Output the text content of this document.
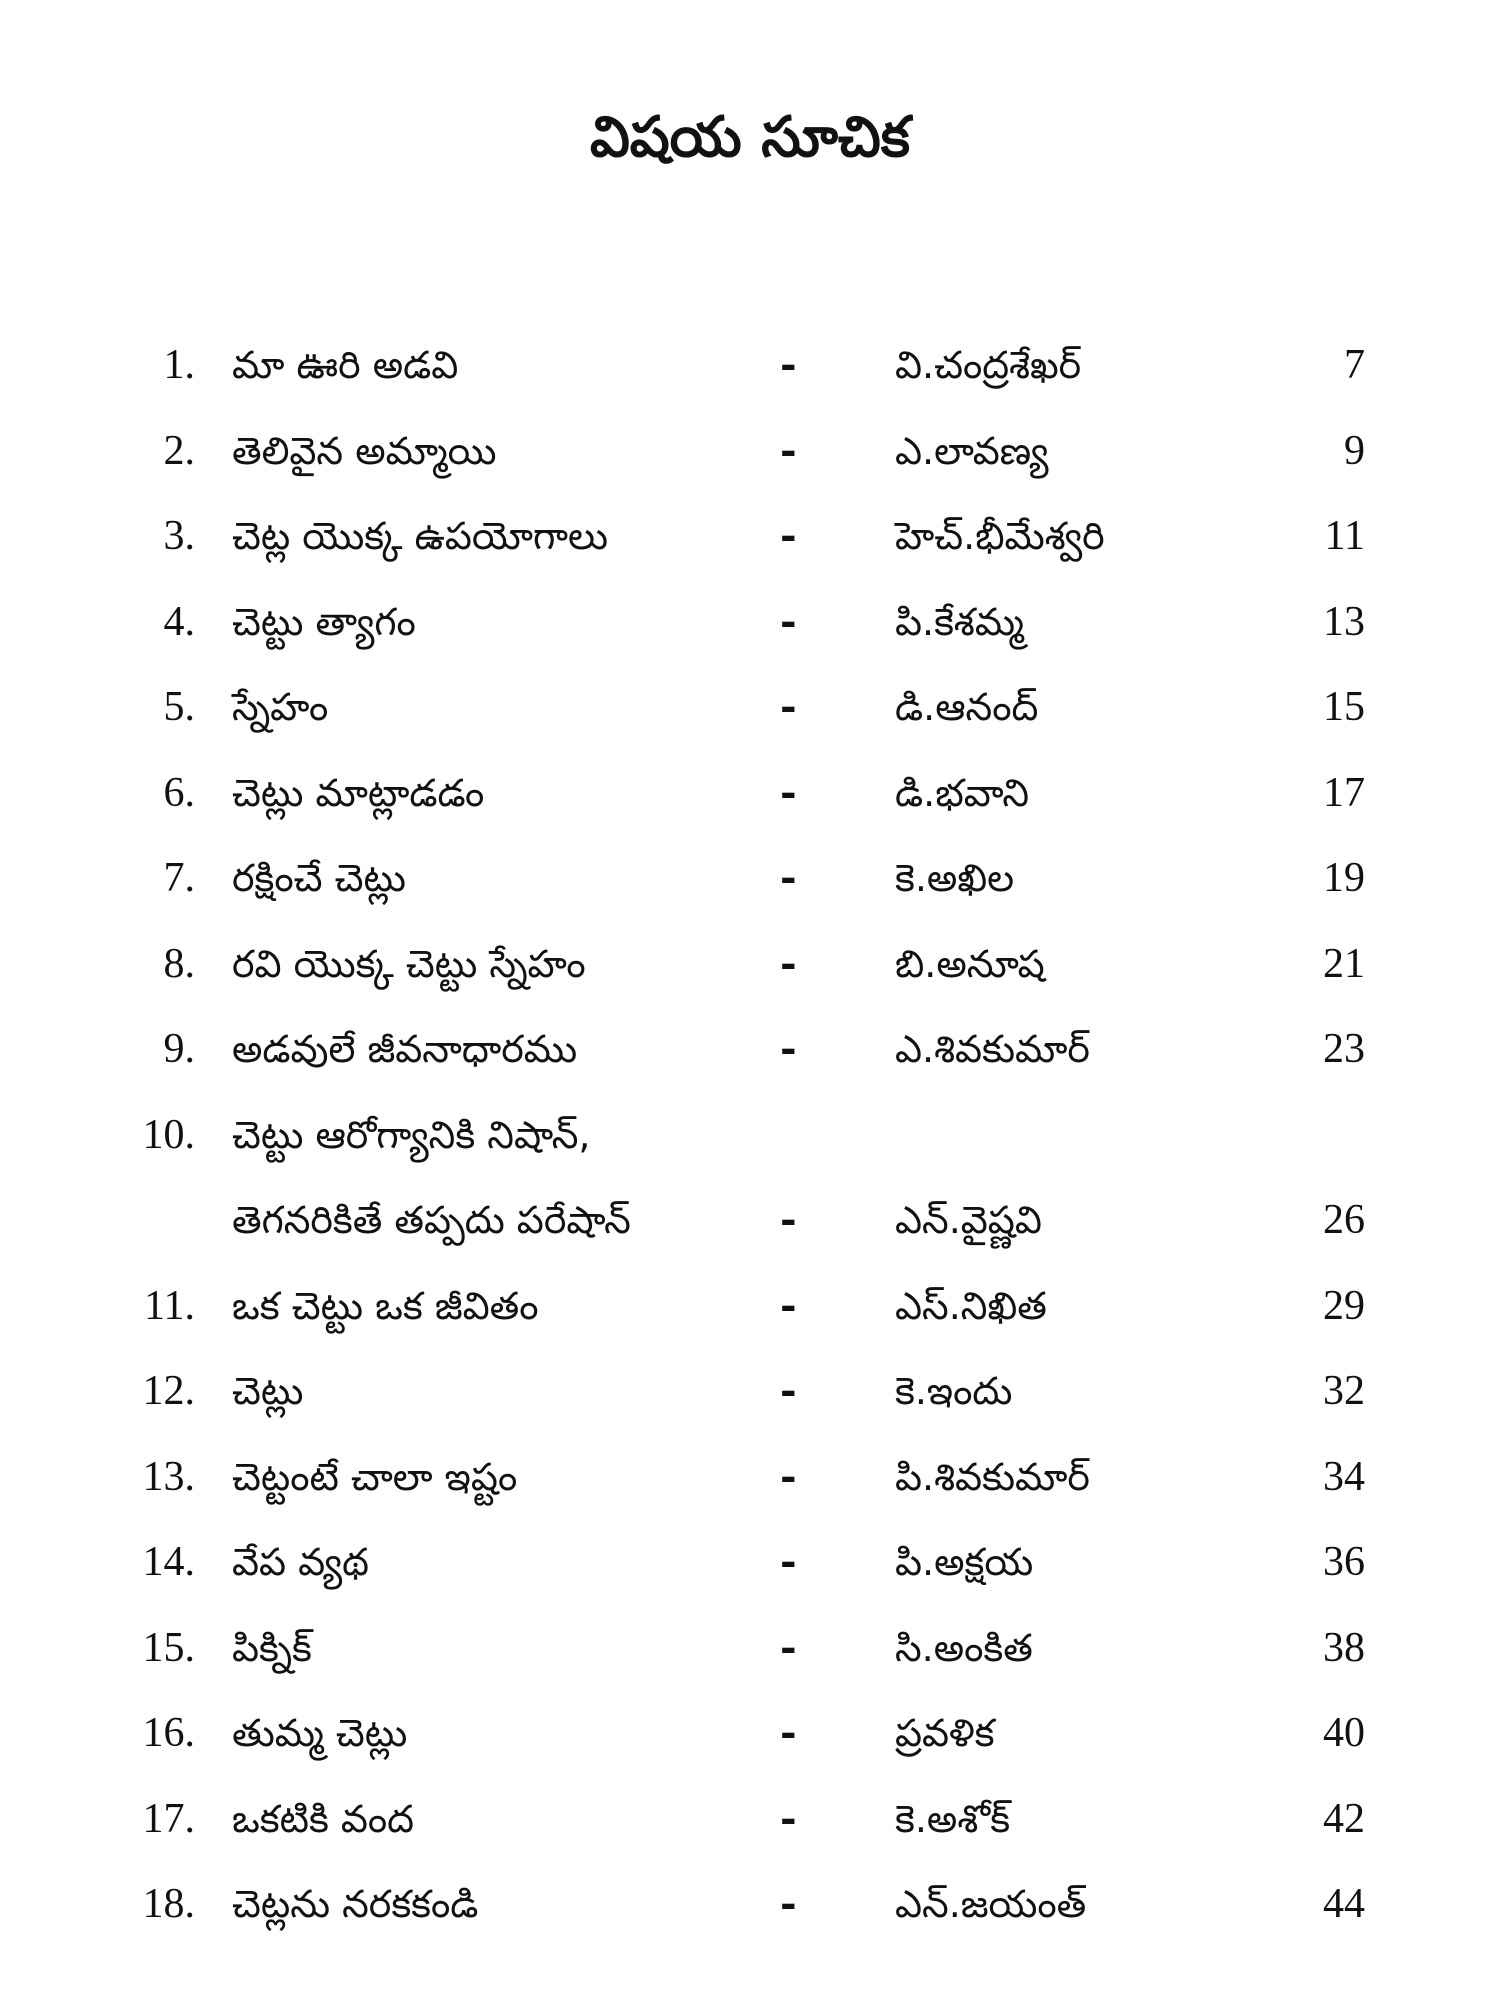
విషయ సూచిక
1. మా ఊరి అడవి	-	వి.చంద్రశేఖర్	7
2. తెలివైన అమ్మాయి	-	ఎ.లావణ్య	9
3. చెట్ల యొక్క ఉపయోగాలు	-	హెచ్.భీమేశ్వరి	11
4. చెట్టు త్యాగం	-	పి.కేశమ్మ	13
5. స్నేహం	-	డి.ఆనంద్	15
6. చెట్లు మాట్లాడడం	-	డి.భవాని	17
7. రక్షించే చెట్లు	-	కె.అఖిల	19
8. రవి యొక్క చెట్టు స్నేహం	-	బి.అనూష	21
9. అడవులే జీవనాధారము	-	ఎ.శివకుమార్	23
10. చెట్టు ఆరోగ్యానికి నిషాన్,
తెగనరికితే తప్పదు పరేషాన్	-	ఎన్.వైష్ణవి	26
11. ఒక చెట్టు ఒక జీవితం	-	ఎస్.నిఖిత	29
12. చెట్లు	-	కె.ఇందు	32
13. చెట్టంటే చాలా ఇష్టం	-	పి.శివకుమార్	34
14. వేప వ్యథ	-	పి.అక్షయ	36
15. పిక్నిక్	-	సి.అంకిత	38
16. తుమ్మ చెట్లు	-	ప్రవళిక	40
17. ఒకటికి వంద	-	కె.అశోక్	42
18. చెట్లను నరకకండి	-	ఎన్.జయంత్	44
